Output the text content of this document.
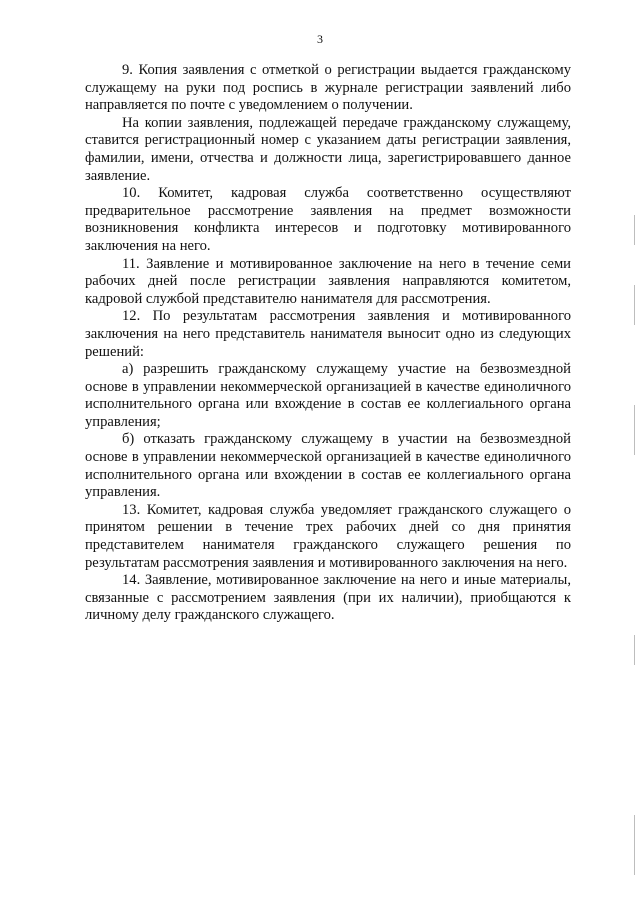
3

9. Копия заявления с отметкой о регистрации выдается гражданскому служащему на руки под роспись в журнале регистрации заявлений либо направляется по почте с уведомлением о получении.

На копии заявления, подлежащей передаче гражданскому служащему, ставится регистрационный номер с указанием даты регистрации заявления, фамилии, имени, отчества и должности лица, зарегистрировавшего данное заявление.

10. Комитет, кадровая служба соответственно осуществляют предварительное рассмотрение заявления на предмет возможности возникновения конфликта интересов и подготовку мотивированного заключения на него.

11. Заявление и мотивированное заключение на него в течение семи рабочих дней после регистрации заявления направляются комитетом, кадровой службой представителю нанимателя для рассмотрения.

12. По результатам рассмотрения заявления и мотивированного заключения на него представитель нанимателя выносит одно из следующих решений:

а) разрешить гражданскому служащему участие на безвозмездной основе в управлении некоммерческой организацией в качестве единоличного исполнительного органа или вхождение в состав ее коллегиального органа управления;

б) отказать гражданскому служащему в участии на безвозмездной основе в управлении некоммерческой организацией в качестве единоличного исполнительного органа или вхождении в состав ее коллегиального органа управления.

13. Комитет, кадровая служба уведомляет гражданского служащего о принятом решении в течение трех рабочих дней со дня принятия представителем нанимателя гражданского служащего решения по результатам рассмотрения заявления и мотивированного заключения на него.

14. Заявление, мотивированное заключение на него и иные материалы, связанные с рассмотрением заявления (при их наличии), приобщаются к личному делу гражданского служащего.
